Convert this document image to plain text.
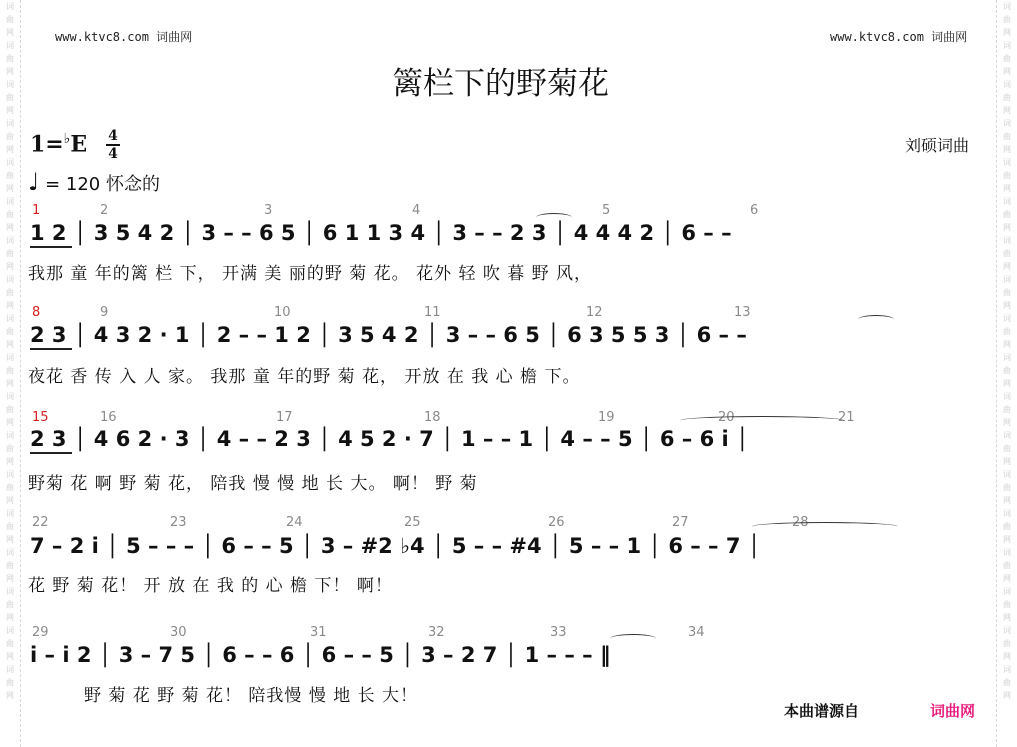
词
曲
网
词
曲
网
词
曲
网
词
曲
网
词
曲
网
词
曲
网
词
曲
网
词
曲
网
词
曲
网
词
曲
网
词
曲
网
词
曲
网
词
曲
网
词
曲
网
词
曲
网
词
曲
网
词
曲
网
词
曲
网
词
曲
网
词
曲
网
词
曲
网
词
曲
网
词
曲
网
词
曲
网
词
曲
网
词
曲
网
词
曲
网
词
曲
网
词
曲
网
词
曲
网
词
曲
网
词
曲
网
词
曲
网
词
曲
网
词
曲
网
词
曲
网
www.ktvc8.com 词曲网	www.ktvc8.com 词曲网
篱栏下的野菊花
1=♭E 4
4	刘硕词曲
♩ = 120 怀念的
1	2	3	4	5	6
1 2 │ 3 5 4 2 │ 3 – – 6 5 │ 6 1 1 3 4 │ 3 – – 2 3 │ 4 4 4 2 │ 6 – –
我那 童 年的篱 栏 下， 开满 美 丽的野 菊 花。 花外 轻 吹 暮 野 风，
8	9	10	11	12	13
2 3 │ 4 3 2 · 1 │ 2 – – 1 2 │ 3 5 4 2 │ 3 – – 6 5 │ 6 3 5 5 3 │ 6 – –
夜花 香 传 入 人 家。 我那 童 年的野 菊 花， 开放 在 我 心 檐 下。
15	16	17	18	19	20	21
2 3 │ 4 6 2 · 3 │ 4 – – 2 3 │ 4 5 2 · 7 │ 1 – – 1 │ 4 – – 5 │ 6 – 6 i │
野菊 花 啊 野 菊 花， 陪我 慢 慢 地 长 大。 啊！ 野 菊
22	23	24	25	26	27	28
7 – 2 i │ 5 – – – │ 6 – – 5 │ 3 – #2 ♭4 │ 5 – – #4 │ 5 – – 1 │ 6 – – 7 │
花 野 菊 花！ 开 放 在 我 的 心 檐 下！ 啊！
29	30	31	32	33	34
i – i 2 │ 3 – 7 5 │ 6 – – 6 │ 6 – – 5 │ 3 – 2 7 │ 1 – – – ‖
野 菊 花 野 菊 花！ 陪我慢 慢 地 长 大！
本曲谱源自	词曲网
